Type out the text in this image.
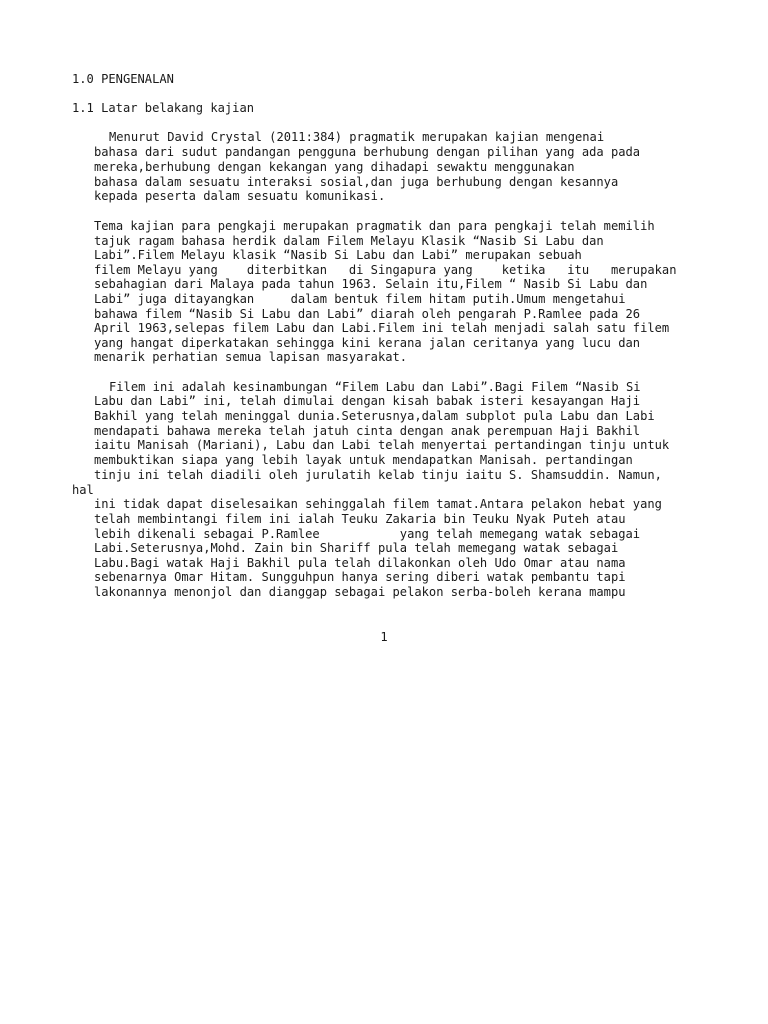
1.0 PENGENALAN
1.1 Latar belakang kajian
Menurut David Crystal (2011:384) pragmatik merupakan kajian mengenai
bahasa dari sudut pandangan pengguna berhubung dengan pilihan yang ada pada
mereka,berhubung dengan kekangan yang dihadapi sewaktu menggunakan
bahasa dalam sesuatu interaksi sosial,dan juga berhubung dengan kesannya
kepada peserta dalam sesuatu komunikasi.
Tema kajian para pengkaji merupakan pragmatik dan para pengkaji telah memilih
tajuk ragam bahasa herdik dalam Filem Melayu Klasik “Nasib Si Labu dan
Labi”.Filem Melayu klasik “Nasib Si Labu dan Labi” merupakan sebuah
filem Melayu yang    diterbitkan   di Singapura yang    ketika   itu   merupakan
sebahagian dari Malaya pada tahun 1963. Selain itu,Filem “ Nasib Si Labu dan
Labi” juga ditayangkan     dalam bentuk filem hitam putih.Umum mengetahui
bahawa filem “Nasib Si Labu dan Labi” diarah oleh pengarah P.Ramlee pada 26
April 1963,selepas filem Labu dan Labi.Filem ini telah menjadi salah satu filem
yang hangat diperkatakan sehingga kini kerana jalan ceritanya yang lucu dan
menarik perhatian semua lapisan masyarakat.
Filem ini adalah kesinambungan “Filem Labu dan Labi”.Bagi Filem “Nasib Si
Labu dan Labi” ini, telah dimulai dengan kisah babak isteri kesayangan Haji
Bakhil yang telah meninggal dunia.Seterusnya,dalam subplot pula Labu dan Labi
mendapati bahawa mereka telah jatuh cinta dengan anak perempuan Haji Bakhil
iaitu Manisah (Mariani), Labu dan Labi telah menyertai pertandingan tinju untuk
membuktikan siapa yang lebih layak untuk mendapatkan Manisah. pertandingan
tinju ini telah diadili oleh jurulatih kelab tinju iaitu S. Shamsuddin. Namun,
hal
ini tidak dapat diselesaikan sehinggalah filem tamat.Antara pelakon hebat yang
telah membintangi filem ini ialah Teuku Zakaria bin Teuku Nyak Puteh atau
lebih dikenali sebagai P.Ramlee           yang telah memegang watak sebagai
Labi.Seterusnya,Mohd. Zain bin Shariff pula telah memegang watak sebagai
Labu.Bagi watak Haji Bakhil pula telah dilakonkan oleh Udo Omar atau nama
sebenarnya Omar Hitam. Sungguhpun hanya sering diberi watak pembantu tapi
lakonannya menonjol dan dianggap sebagai pelakon serba-boleh kerana mampu
1
